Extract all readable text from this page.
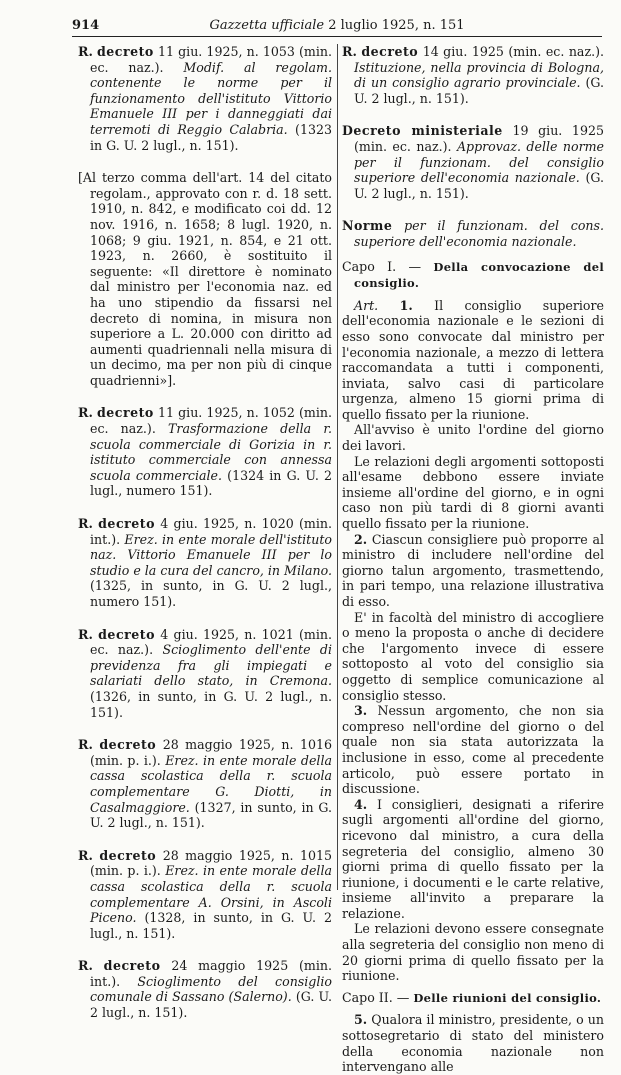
914	Gazzetta ufficiale 2 luglio 1925, n. 151

R. decreto 11 giu. 1925, n. 1053 (min. ec. naz.). Modif. al regolam. contenente le norme per il funzionamento dell'istituto Vittorio Emanuele III per i danneggiati dai terremoti di Reggio Calabria. (1323 in G. U. 2 lugl., n. 151).

[Al terzo comma dell'art. 14 del citato regolam., approvato con r. d. 18 sett. 1910, n. 842, e modificato coi dd. 12 nov. 1916, n. 1658; 8 lugl. 1920, n. 1068; 9 giu. 1921, n. 854, e 21 ott. 1923, n. 2660, è sostituito il seguente: «Il direttore è nominato dal ministro per l'economia naz. ed ha uno stipendio da fissarsi nel decreto di nomina, in misura non superiore a L. 20.000 con diritto ad aumenti quadriennali nella misura di un decimo, ma per non più di cinque quadrienni»].

R. decreto 11 giu. 1925, n. 1052 (min. ec. naz.). Trasformazione della r. scuola commerciale di Gorizia in r. istituto commerciale con annessa scuola commerciale. (1324 in G. U. 2 lugl., numero 151).

R. decreto 4 giu. 1925, n. 1020 (min. int.). Erez. in ente morale dell'istituto naz. Vittorio Emanuele III per lo studio e la cura del cancro, in Milano. (1325, in sunto, in G. U. 2 lugl., numero 151).

R. decreto 4 giu. 1925, n. 1021 (min. ec. naz.). Scioglimento dell'ente di previdenza fra gli impiegati e salariati dello stato, in Cremona. (1326, in sunto, in G. U. 2 lugl., n. 151).

R. decreto 28 maggio 1925, n. 1016 (min. p. i.). Erez. in ente morale della cassa scolastica della r. scuola complementare G. Diotti, in Casalmaggiore. (1327, in sunto, in G. U. 2 lugl., n. 151).

R. decreto 28 maggio 1925, n. 1015 (min. p. i.). Erez. in ente morale della cassa scolastica della r. scuola complementare A. Orsini, in Ascoli Piceno. (1328, in sunto, in G. U. 2 lugl., n. 151).

R. decreto 24 maggio 1925 (min. int.). Scioglimento del consiglio comunale di Sassano (Salerno). (G. U. 2 lugl., n. 151).

R. decreto 14 giu. 1925 (min. ec. naz.). Istituzione, nella provincia di Bologna, di un consiglio agrario provinciale. (G. U. 2 lugl., n. 151).

Decreto ministeriale 19 giu. 1925 (min. ec. naz.). Approvaz. delle norme per il funzionam. del consiglio superiore dell'economia nazionale. (G. U. 2 lugl., n. 151).

Norme per il funzionam. del cons. superiore dell'economia nazionale.

Capo I. — Della convocazione del consiglio.

Art. 1. Il consiglio superiore dell'economia nazionale e le sezioni di esso sono convocate dal ministro per l'economia nazionale, a mezzo di lettera raccomandata a tutti i componenti, inviata, salvo casi di particolare urgenza, almeno 15 giorni prima di quello fissato per la riunione.

All'avviso è unito l'ordine del giorno dei lavori.

Le relazioni degli argomenti sottoposti all'esame debbono essere inviate insieme all'ordine del giorno, e in ogni caso non più tardi di 8 giorni avanti quello fissato per la riunione.

2. Ciascun consigliere può proporre al ministro di includere nell'ordine del giorno talun argomento, trasmettendo, in pari tempo, una relazione illustrativa di esso.

E' in facoltà del ministro di accogliere o meno la proposta o anche di decidere che l'argomento invece di essere sottoposto al voto del consiglio sia oggetto di semplice comunicazione al consiglio stesso.

3. Nessun argomento, che non sia compreso nell'ordine del giorno o del quale non sia stata autorizzata la inclusione in esso, come al precedente articolo, può essere portato in discussione.

4. I consiglieri, designati a riferire sugli argomenti all'ordine del giorno, ricevono dal ministro, a cura della segreteria del consiglio, almeno 30 giorni prima di quello fissato per la riunione, i documenti e le carte relative, insieme all'invito a preparare la relazione.

Le relazioni devono essere consegnate alla segreteria del consiglio non meno di 20 giorni prima di quello fissato per la riunione.

Capo II. — Delle riunioni del consiglio.

5. Qualora il ministro, presidente, o un sottosegretario di stato del ministero della economia nazionale non intervengano alle
